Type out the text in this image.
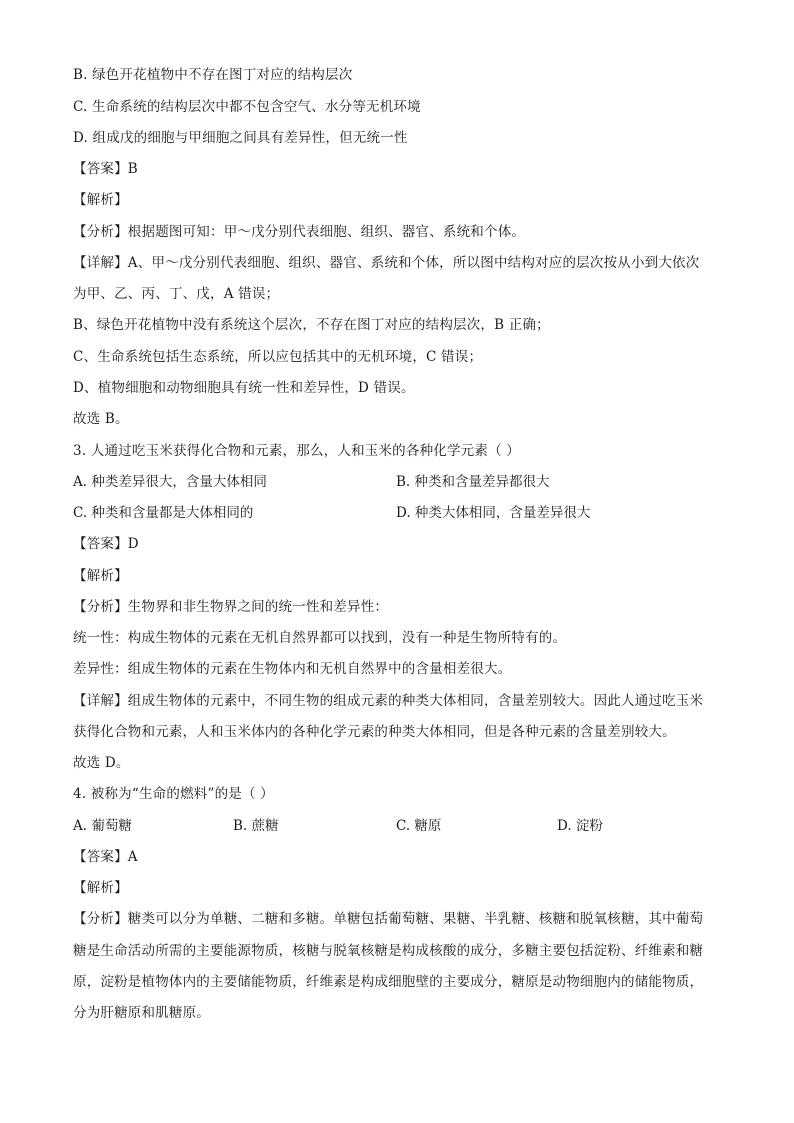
B. 绿色开花植物中不存在图丁对应的结构层次
C. 生命系统的结构层次中都不包含空气、水分等无机环境
D. 组成戊的细胞与甲细胞之间具有差异性，但无统一性
【答案】B
【解析】
【分析】根据题图可知：甲～戊分别代表细胞、组织、器官、系统和个体。
【详解】A、甲～戊分别代表细胞、组织、器官、系统和个体，所以图中结构对应的层次按从小到大依次
为甲、乙、丙、丁、戊，A 错误；
B、绿色开花植物中没有系统这个层次，不存在图丁对应的结构层次，B 正确；
C、生命系统包括生态系统，所以应包括其中的无机环境，C 错误；
D、植物细胞和动物细胞具有统一性和差异性，D 错误。
故选 B。
3. 人通过吃玉米获得化合物和元素，那么，人和玉米的各种化学元素（ ）
A. 种类差异很大，含量大体相同	B. 种类和含量差异都很大
C. 种类和含量都是大体相同的	D. 种类大体相同，含量差异很大
【答案】D
【解析】
【分析】生物界和非生物界之间的统一性和差异性：
统一性：构成生物体的元素在无机自然界都可以找到，没有一种是生物所特有的。
差异性：组成生物体的元素在生物体内和无机自然界中的含量相差很大。
【详解】组成生物体的元素中，不同生物的组成元素的种类大体相同，含量差别较大。因此人通过吃玉米
获得化合物和元素，人和玉米体内的各种化学元素的种类大体相同，但是各种元素的含量差别较大。
故选 D。
4. 被称为“生命的燃料”的是（ ）
A. 葡萄糖	B. 蔗糖	C. 糖原	D. 淀粉
【答案】A
【解析】
【分析】糖类可以分为单糖、二糖和多糖。单糖包括葡萄糖、果糖、半乳糖、核糖和脱氧核糖，其中葡萄
糖是生命活动所需的主要能源物质，核糖与脱氧核糖是构成核酸的成分，多糖主要包括淀粉、纤维素和糖
原，淀粉是植物体内的主要储能物质，纤维素是构成细胞壁的主要成分，糖原是动物细胞内的储能物质，
分为肝糖原和肌糖原。
